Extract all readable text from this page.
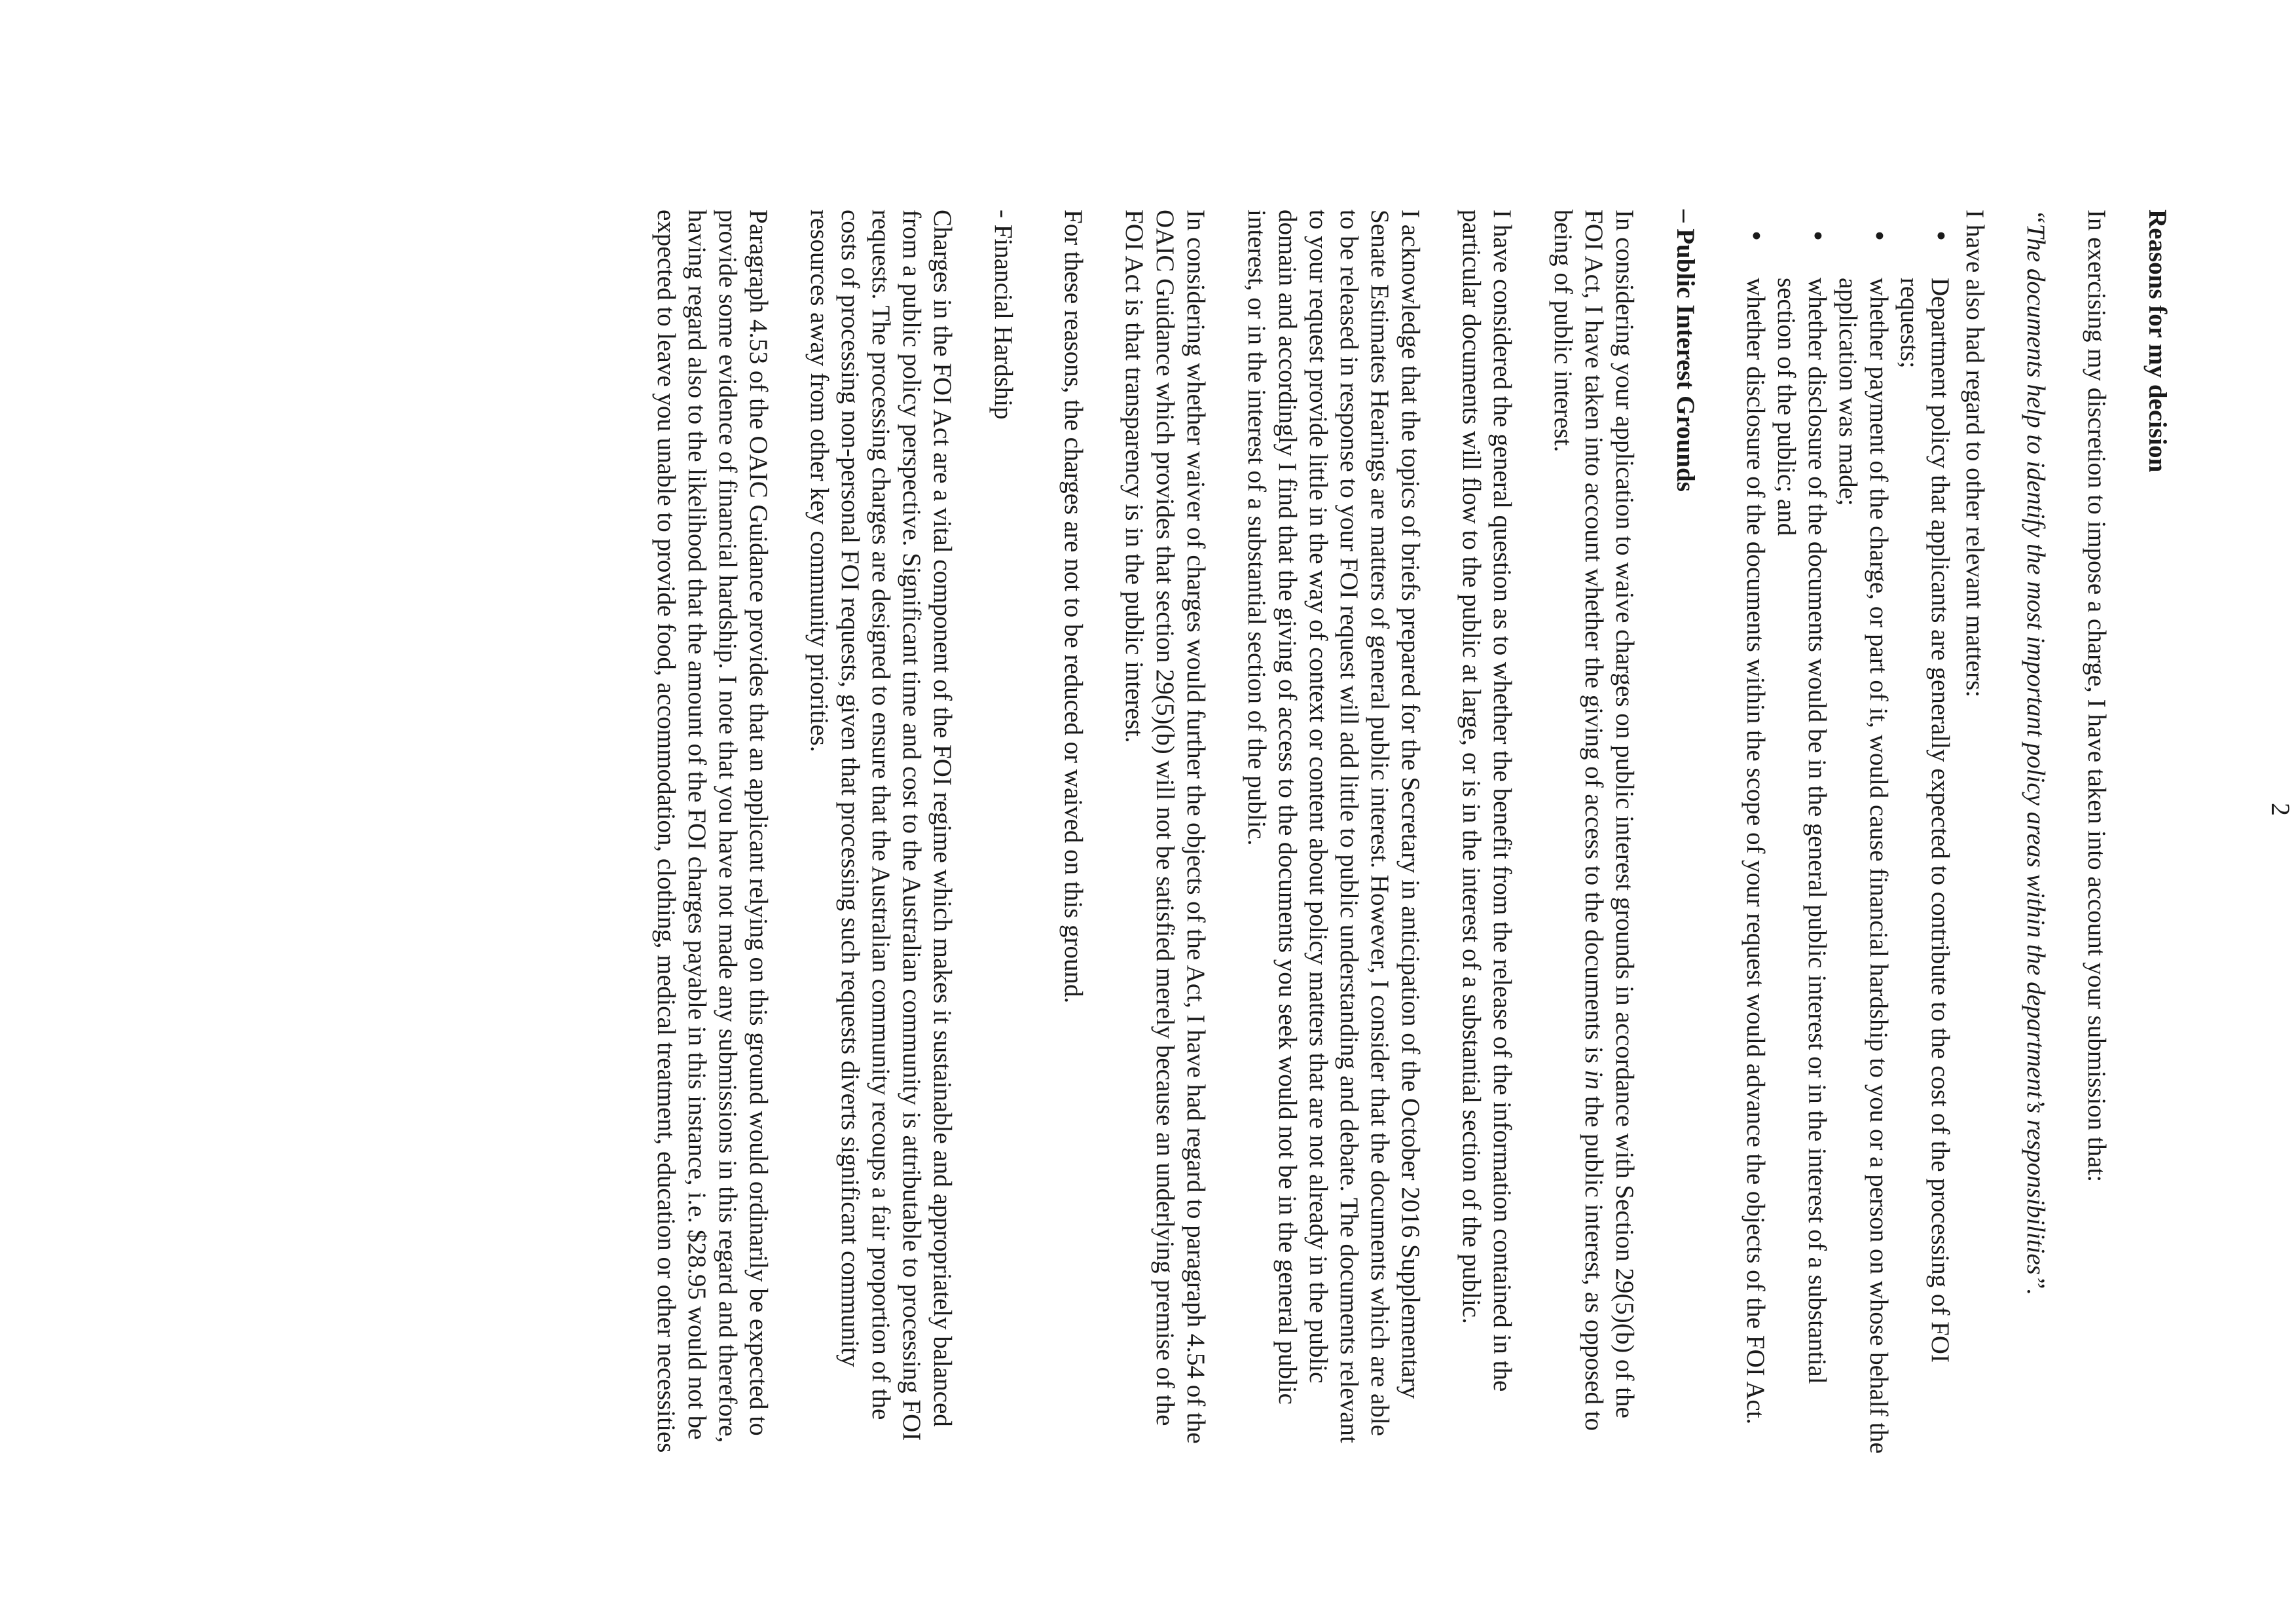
2

Reasons for my decision

In exercising my discretion to impose a charge, I have taken into account your submission that:

“The documents help to identify the most important policy areas within the department’s responsibilities”.

I have also had regard to other relevant matters:

• Department policy that applicants are generally expected to contribute to the cost of the processing of FOI requests;
• whether payment of the charge, or part of it, would cause financial hardship to you or a person on whose behalf the application was made;
• whether disclosure of the documents would be in the general public interest or in the interest of a substantial section of the public; and
• whether disclosure of the documents within the scope of your request would advance the objects of the FOI Act.

– Public Interest Grounds

In considering your application to waive charges on public interest grounds in accordance with Section 29(5)(b) of the FOI Act, I have taken into account whether the giving of access to the documents is in the public interest, as opposed to being of public interest.

I have considered the general question as to whether the benefit from the release of the information contained in the particular documents will flow to the public at large, or is in the interest of a substantial section of the public.

I acknowledge that the topics of briefs prepared for the Secretary in anticipation of the October 2016 Supplementary Senate Estimates Hearings are matters of general public interest. However, I consider that the documents which are able to be released in response to your FOI request will add little to public understanding and debate. The documents relevant to your request provide little in the way of context or content about policy matters that are not already in the public domain and accordingly I find that the giving of access to the documents you seek would not be in the general public interest, or in the interest of a substantial section of the public.

In considering whether waiver of charges would further the objects of the Act, I have had regard to paragraph 4.54 of the OAIC Guidance which provides that section 29(5)(b) will not be satisfied merely because an underlying premise of the FOI Act is that transparency is in the public interest.

For these reasons, the charges are not to be reduced or waived on this ground.

- Financial Hardship

Charges in the FOI Act are a vital component of the FOI regime which makes it sustainable and appropriately balanced from a public policy perspective. Significant time and cost to the Australian community is attributable to processing FOI requests. The processing charges are designed to ensure that the Australian community recoups a fair proportion of the costs of processing non-personal FOI requests, given that processing such requests diverts significant community resources away from other key community priorities.

Paragraph 4.53 of the OAIC Guidance provides that an applicant relying on this ground would ordinarily be expected to provide some evidence of financial hardship. I note that you have not made any submissions in this regard and therefore, having regard also to the likelihood that the amount of the FOI charges payable in this instance, i.e. $28.95 would not be expected to leave you unable to provide food, accommodation, clothing, medical treatment, education or other necessities
